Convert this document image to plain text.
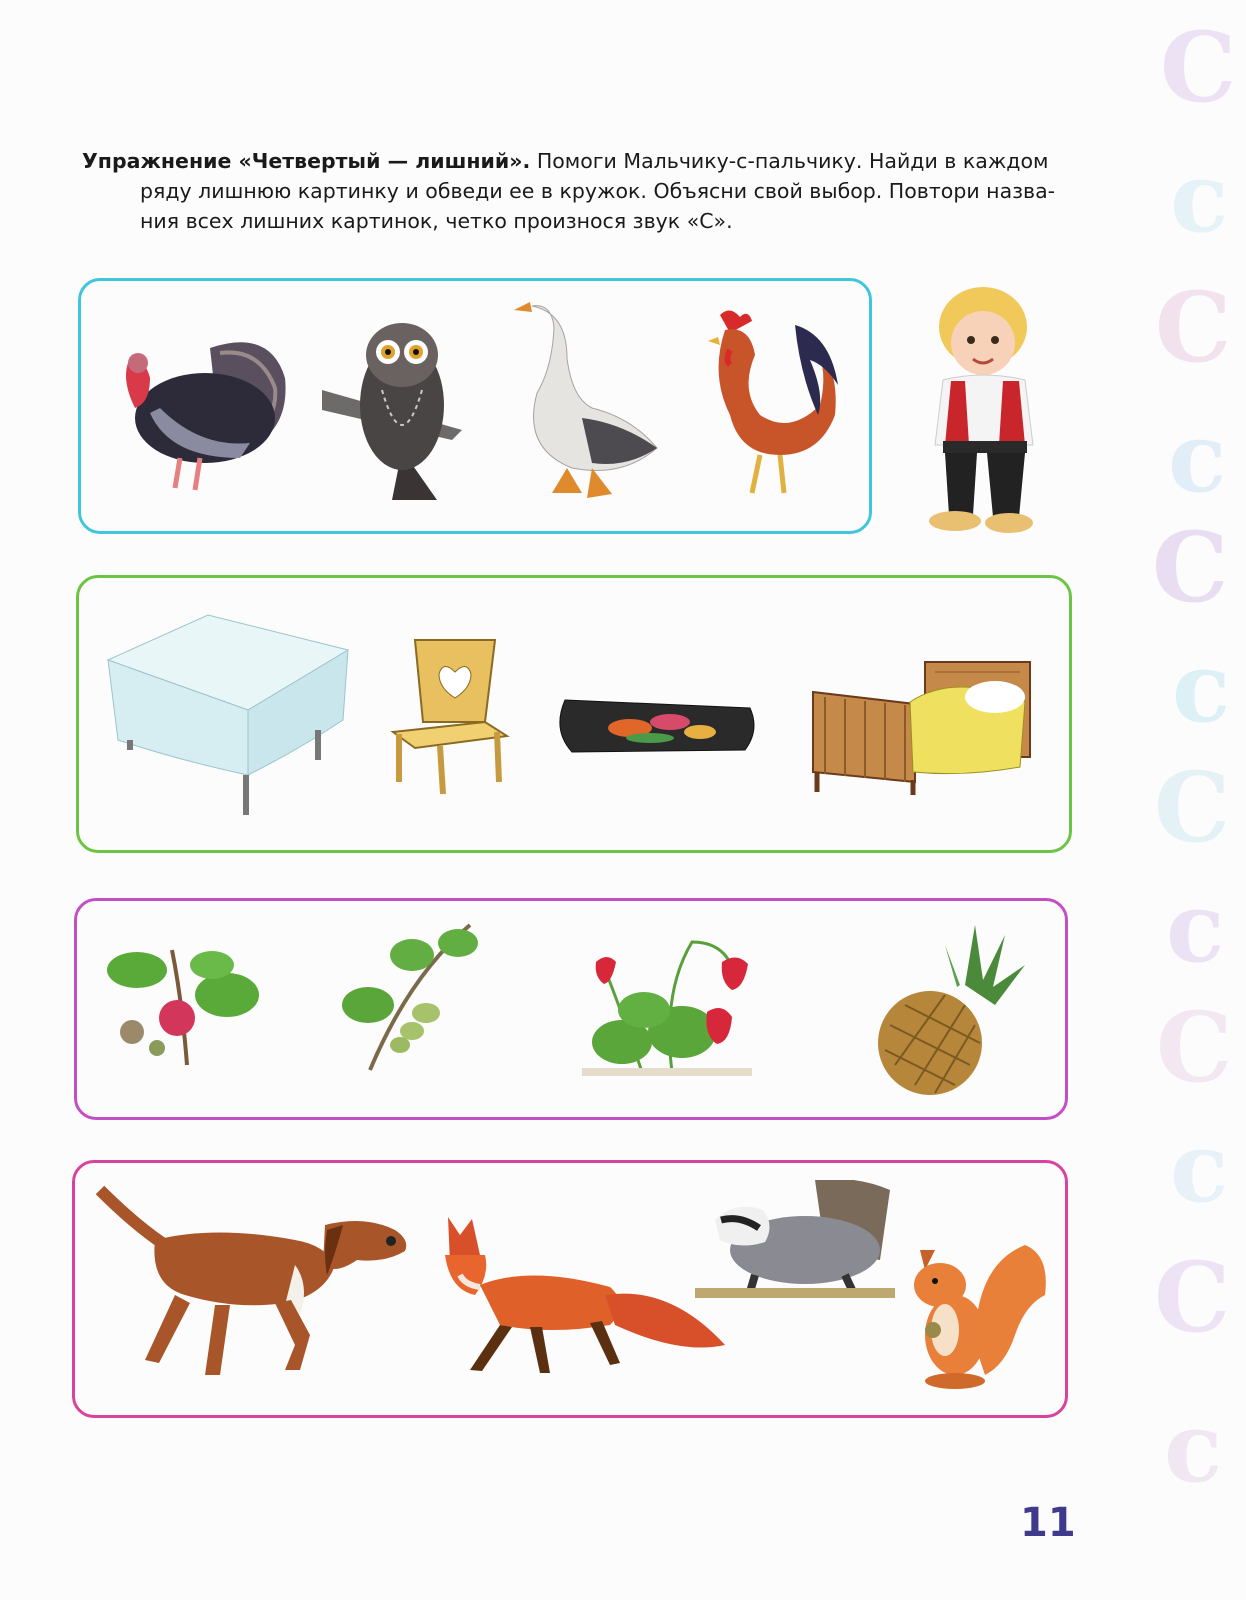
С
с
С
с
С
с
С
с
С
с
С
с

Упражнение «Четвертый — лишний». Помоги Мальчику-с-пальчику. Найди в каждом

ряду лишнюю картинку и обведи ее в кружок. Объясни свой выбор. Повтори назва-

ния всех лишних картинок, четко произнося звук «С».

11
